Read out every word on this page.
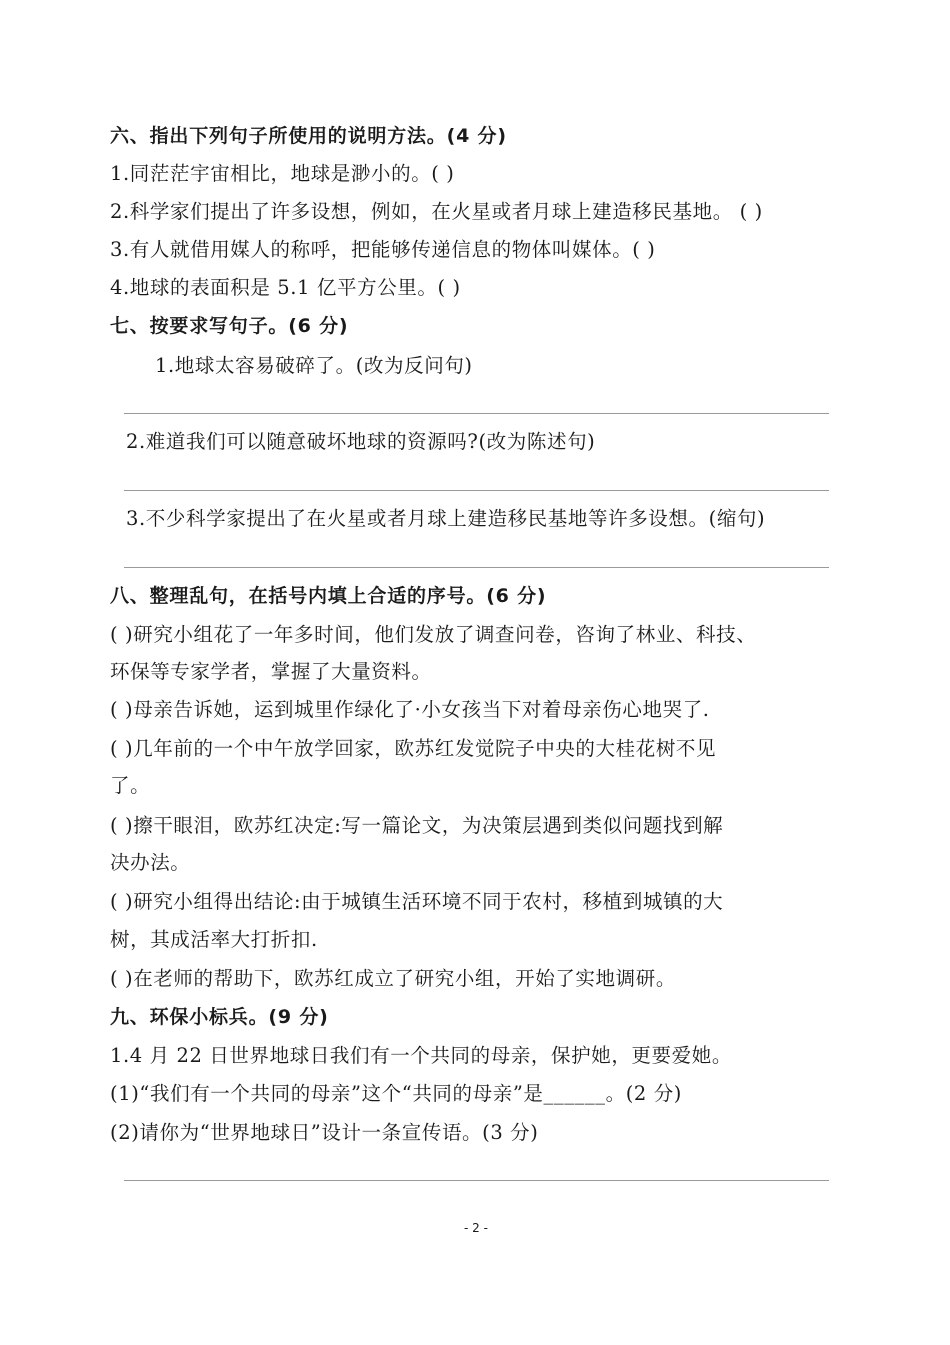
六、指出下列句子所使用的说明方法。(4 分)
1.同茫茫宇宙相比，地球是渺小的。( )
2.科学家们提出了许多设想，例如，在火星或者月球上建造移民基地。 ( )
3.有人就借用媒人的称呼，把能够传递信息的物体叫媒体。( )
4.地球的表面积是 5.1 亿平方公里。( )
七、按要求写句子。(6 分)
1.地球太容易破碎了。(改为反问句)
2.难道我们可以随意破坏地球的资源吗?(改为陈述句)
3.不少科学家提出了在火星或者月球上建造移民基地等许多设想。(缩句)
八、整理乱句，在括号内填上合适的序号。(6 分)
( )研究小组花了一年多时间，他们发放了调查问卷，咨询了林业、科技、
环保等专家学者，掌握了大量资料。
( )母亲告诉她，运到城里作绿化了·小女孩当下对着母亲伤心地哭了.
( )几年前的一个中午放学回家，欧苏红发觉院子中央的大桂花树不见
了。
( )擦干眼泪，欧苏红决定:写一篇论文，为决策层遇到类似问题找到解
决办法。
( )研究小组得出结论:由于城镇生活环境不同于农村，移植到城镇的大
树，其成活率大打折扣.
( )在老师的帮助下，欧苏红成立了研究小组，开始了实地调研。
九、环保小标兵。(9 分)
1.4 月 22 日世界地球日我们有一个共同的母亲，保护她，更要爱她。
(1)“我们有一个共同的母亲”这个“共同的母亲”是______。(2 分)
(2)请你为“世界地球日”设计一条宣传语。(3 分)
- 2 -
